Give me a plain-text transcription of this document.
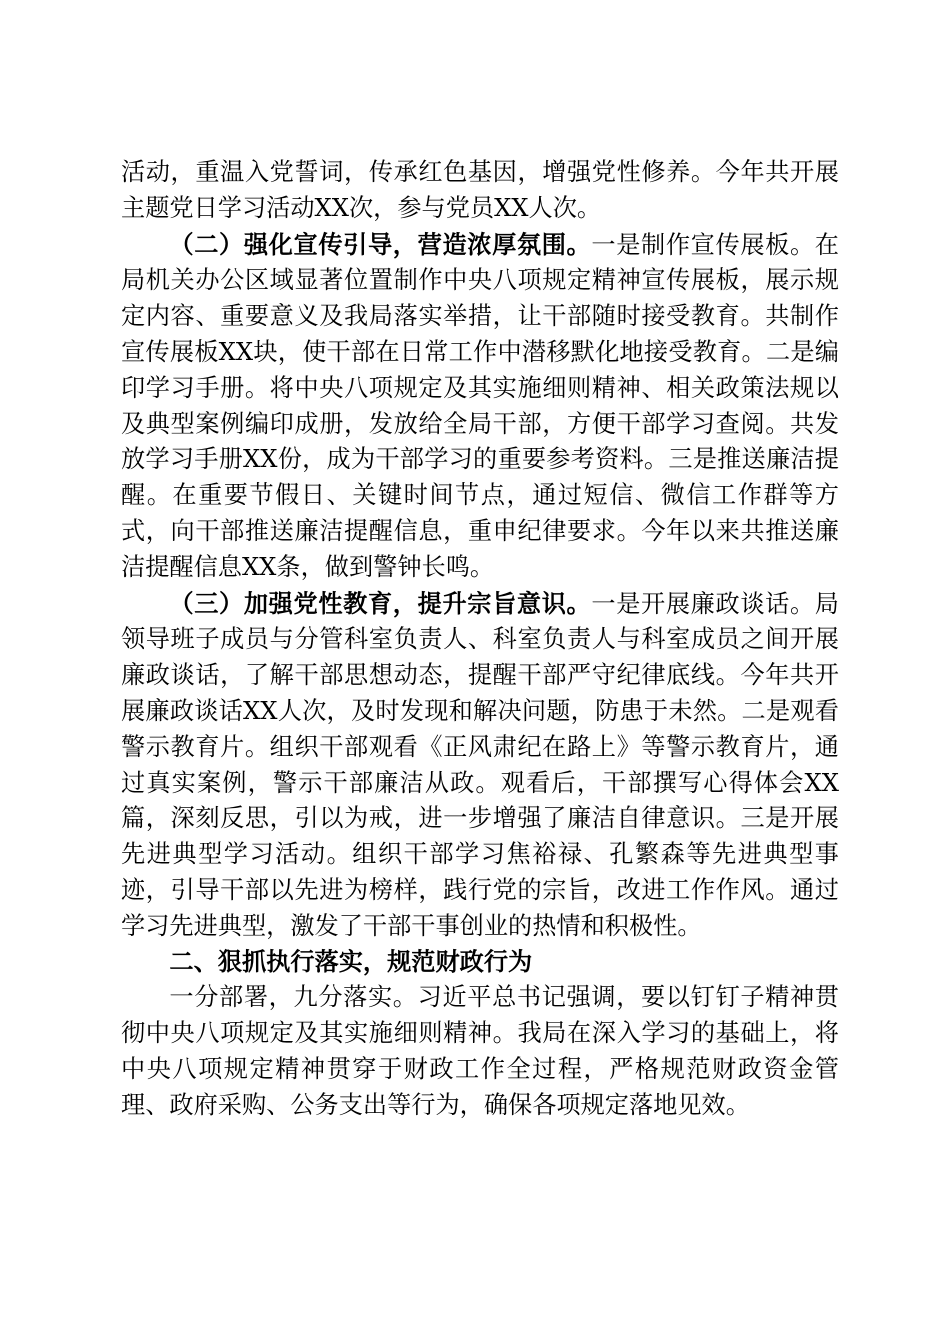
活动，重温入党誓词，传承红色基因，增强党性修养。今年共开展主题党日学习活动XX次，参与党员XX人次。

（二）强化宣传引导，营造浓厚氛围。一是制作宣传展板。在局机关办公区域显著位置制作中央八项规定精神宣传展板，展示规定内容、重要意义及我局落实举措，让干部随时接受教育。共制作宣传展板XX块，使干部在日常工作中潜移默化地接受教育。二是编印学习手册。将中央八项规定及其实施细则精神、相关政策法规以及典型案例编印成册，发放给全局干部，方便干部学习查阅。共发放学习手册XX份，成为干部学习的重要参考资料。三是推送廉洁提醒。在重要节假日、关键时间节点，通过短信、微信工作群等方式，向干部推送廉洁提醒信息，重申纪律要求。今年以来共推送廉洁提醒信息XX条，做到警钟长鸣。

（三）加强党性教育，提升宗旨意识。一是开展廉政谈话。局领导班子成员与分管科室负责人、科室负责人与科室成员之间开展廉政谈话，了解干部思想动态，提醒干部严守纪律底线。今年共开展廉政谈话XX人次，及时发现和解决问题，防患于未然。二是观看警示教育片。组织干部观看《正风肃纪在路上》等警示教育片，通过真实案例，警示干部廉洁从政。观看后，干部撰写心得体会XX篇，深刻反思，引以为戒，进一步增强了廉洁自律意识。三是开展先进典型学习活动。组织干部学习焦裕禄、孔繁森等先进典型事迹，引导干部以先进为榜样，践行党的宗旨，改进工作作风。通过学习先进典型，激发了干部干事创业的热情和积极性。

二、狠抓执行落实，规范财政行为

一分部署，九分落实。习近平总书记强调，要以钉钉子精神贯彻中央八项规定及其实施细则精神。我局在深入学习的基础上，将中央八项规定精神贯穿于财政工作全过程，严格规范财政资金管理、政府采购、公务支出等行为，确保各项规定落地见效。
